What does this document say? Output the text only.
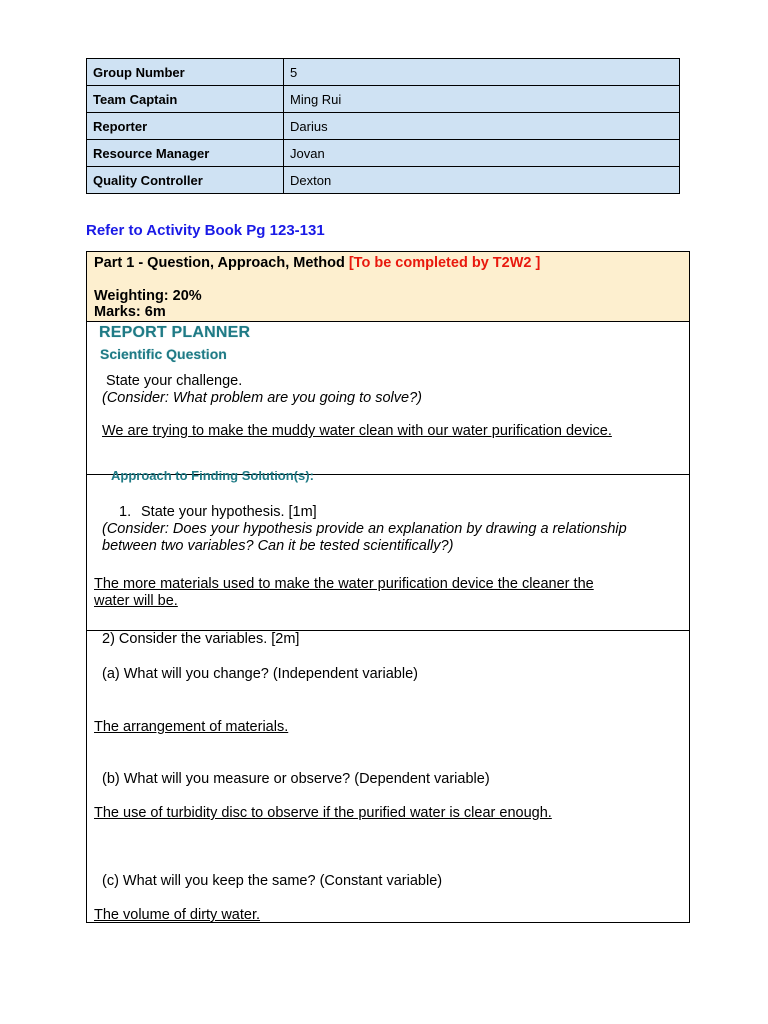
Group Number	5
Team Captain	Ming Rui
Reporter	Darius
Resource Manager	Jovan
Quality Controller	Dexton
Refer to Activity Book Pg 123-131
Part 1 - Question, Approach, Method [To be completed by T2W2 ]
Weighting: 20%
Marks: 6m
REPORT PLANNER
Scientific Question
State your challenge.
(Consider: What problem are you going to solve?)
We are trying to make the muddy water clean with our water purification device.
Approach to Finding Solution(s):
1. State your hypothesis. [1m]
(Consider: Does your hypothesis provide an explanation by drawing a relationship
between two variables? Can it be tested scientifically?)
The more materials used to make the water purification device the cleaner the
water will be.
2) Consider the variables. [2m]
(a) What will you change? (Independent variable)
The arrangement of materials.
(b) What will you measure or observe? (Dependent variable)
The use of turbidity disc to observe if the purified water is clear enough.
(c) What will you keep the same? (Constant variable)
The volume of dirty water.
